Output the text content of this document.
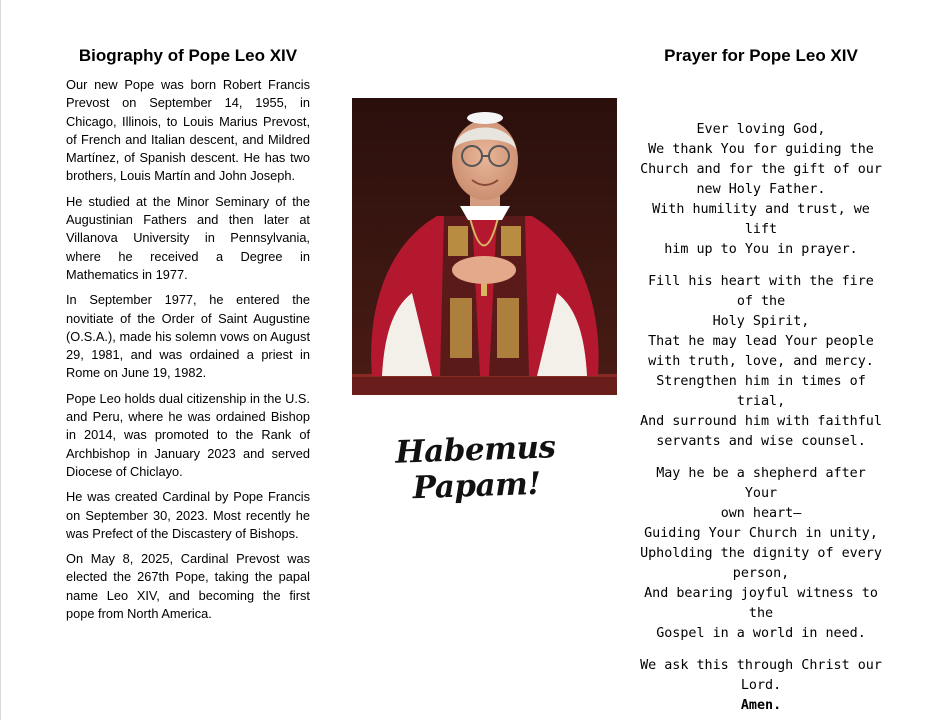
Biography of Pope Leo XIV

Our new Pope was born Robert Francis Prevost on September 14, 1955, in Chicago, Illinois, to Louis Marius Prevost, of French and Italian descent, and Mildred Martínez, of Spanish descent. He has two brothers, Louis Martín and John Joseph.

He studied at the Minor Seminary of the Augustinian Fathers and then later at Villanova University in Pennsylvania, where he received a Degree in Mathematics in 1977.

In September 1977, he entered the novitiate of the Order of Saint Augustine (O.S.A.), made his solemn vows on August 29, 1981, and was ordained a priest in Rome on June 19, 1982.

Pope Leo holds dual citizenship in the U.S. and Peru, where he was ordained Bishop in 2014, was promoted to the Rank of Archbishop in January 2023 and served Diocese of Chiclayo.

He was created Cardinal by Pope Francis on September 30, 2023. Most recently he was Prefect of the Discastery of Bishops.

On May 8, 2025, Cardinal Prevost was elected the 267th Pope, taking the papal name Leo XIV, and becoming the first pope from North America.

Habemus Papam!
Prayer for Pope Leo XIV
Ever loving God,
We thank You for guiding the
Church and for the gift of our
new Holy Father.
With humility and trust, we lift
him up to You in prayer.
Fill his heart with the fire of the
Holy Spirit,
That he may lead Your people
with truth, love, and mercy.
Strengthen him in times of trial,
And surround him with faithful
servants and wise counsel.
May he be a shepherd after Your
own heart—
Guiding Your Church in unity,
Upholding the dignity of every
person,
And bearing joyful witness to the
Gospel in a world in need.
We ask this through Christ our
Lord.
Amen.
